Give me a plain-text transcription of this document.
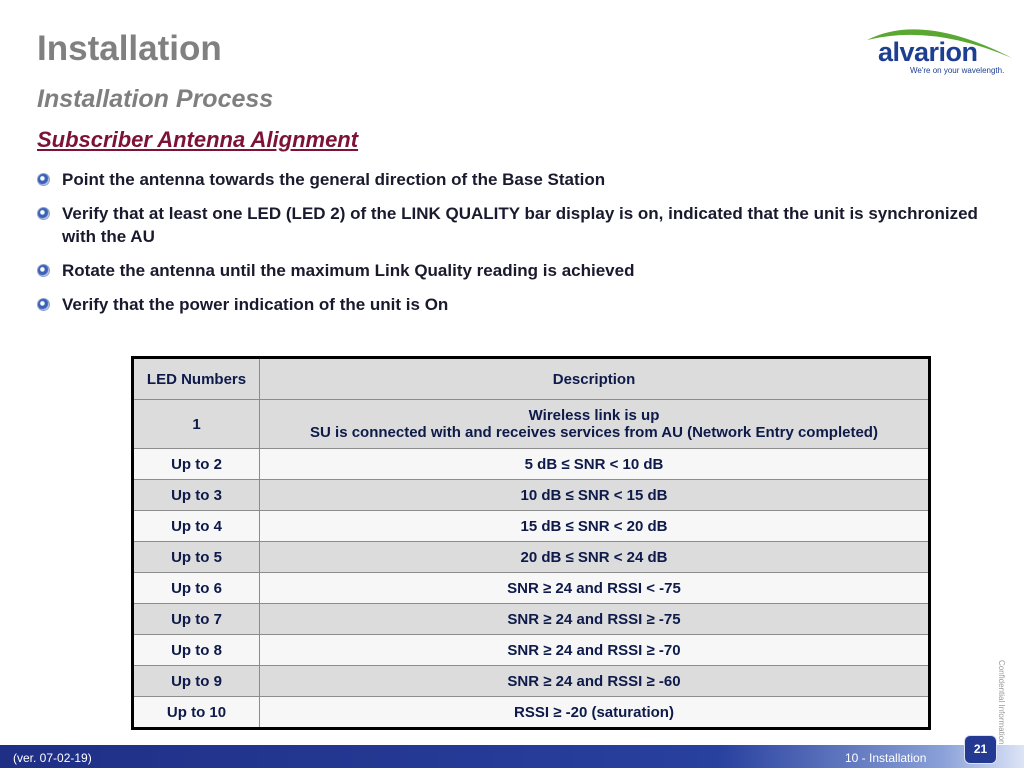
Installation
Installation Process
Subscriber Antenna Alignment
alvarion
We're on your wavelength.
Point the antenna towards the general direction of the Base Station
Verify that at least one LED (LED 2) of the LINK QUALITY bar display is on, indicated that the unit is synchronized with the AU
Rotate the antenna until the maximum Link Quality reading is achieved
Verify that the power indication of the unit is On
LED Numbers	Description
1	Wireless link is up
SU is connected with and receives services from AU (Network Entry completed)

Up to 2	5 dB ≤ SNR < 10 dB
Up to 3	10 dB ≤ SNR < 15 dB
Up to 4	15 dB ≤ SNR < 20 dB
Up to 5	20 dB ≤ SNR < 24 dB
Up to 6	SNR ≥ 24 and RSSI < -75
Up to 7	SNR ≥ 24 and RSSI ≥ -75
Up to 8	SNR ≥ 24 and RSSI ≥ -70
Up to 9	SNR ≥ 24 and RSSI ≥ -60
Up to 10	RSSI ≥ -20 (saturation)	Confidential Information
(ver. 07-02-19)	10 - Installation
21
